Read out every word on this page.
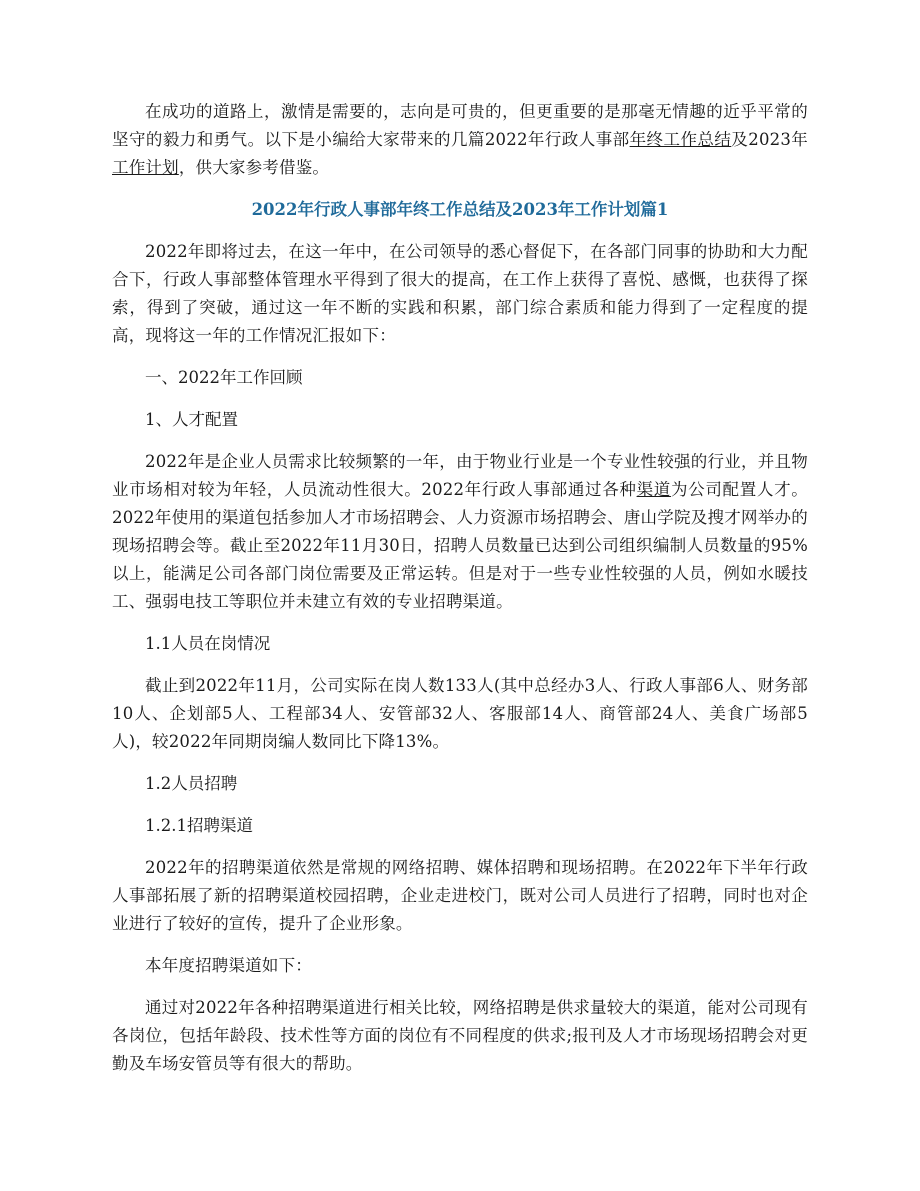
在成功的道路上，激情是需要的，志向是可贵的，但更重要的是那毫无情趣的近乎平常的坚守的毅力和勇气。以下是小编给大家带来的几篇2022年行政人事部年终工作总结及2023年工作计划，供大家参考借鉴。

2022年行政人事部年终工作总结及2023年工作计划篇1

2022年即将过去，在这一年中，在公司领导的悉心督促下，在各部门同事的协助和大力配合下，行政人事部整体管理水平得到了很大的提高，在工作上获得了喜悦、感慨，也获得了探索，得到了突破，通过这一年不断的实践和积累，部门综合素质和能力得到了一定程度的提高，现将这一年的工作情况汇报如下：

一、2022年工作回顾

1、人才配置

2022年是企业人员需求比较频繁的一年，由于物业行业是一个专业性较强的行业，并且物业市场相对较为年轻，人员流动性很大。2022年行政人事部通过各种渠道为公司配置人才。2022年使用的渠道包括参加人才市场招聘会、人力资源市场招聘会、唐山学院及搜才网举办的现场招聘会等。截止至2022年11月30日，招聘人员数量已达到公司组织编制人员数量的95%以上，能满足公司各部门岗位需要及正常运转。但是对于一些专业性较强的人员，例如水暖技工、强弱电技工等职位并未建立有效的专业招聘渠道。

1.1人员在岗情况

截止到2022年11月，公司实际在岗人数133人(其中总经办3人、行政人事部6人、财务部10人、企划部5人、工程部34人、安管部32人、客服部14人、商管部24人、美食广场部5人)，较2022年同期岗编人数同比下降13%。

1.2人员招聘

1.2.1招聘渠道

2022年的招聘渠道依然是常规的网络招聘、媒体招聘和现场招聘。在2022年下半年行政人事部拓展了新的招聘渠道校园招聘，企业走进校门，既对公司人员进行了招聘，同时也对企业进行了较好的宣传，提升了企业形象。

本年度招聘渠道如下：

通过对2022年各种招聘渠道进行相关比较，网络招聘是供求量较大的渠道，能对公司现有各岗位，包括年龄段、技术性等方面的岗位有不同程度的供求;报刊及人才市场现场招聘会对更勤及车场安管员等有很大的帮助。
